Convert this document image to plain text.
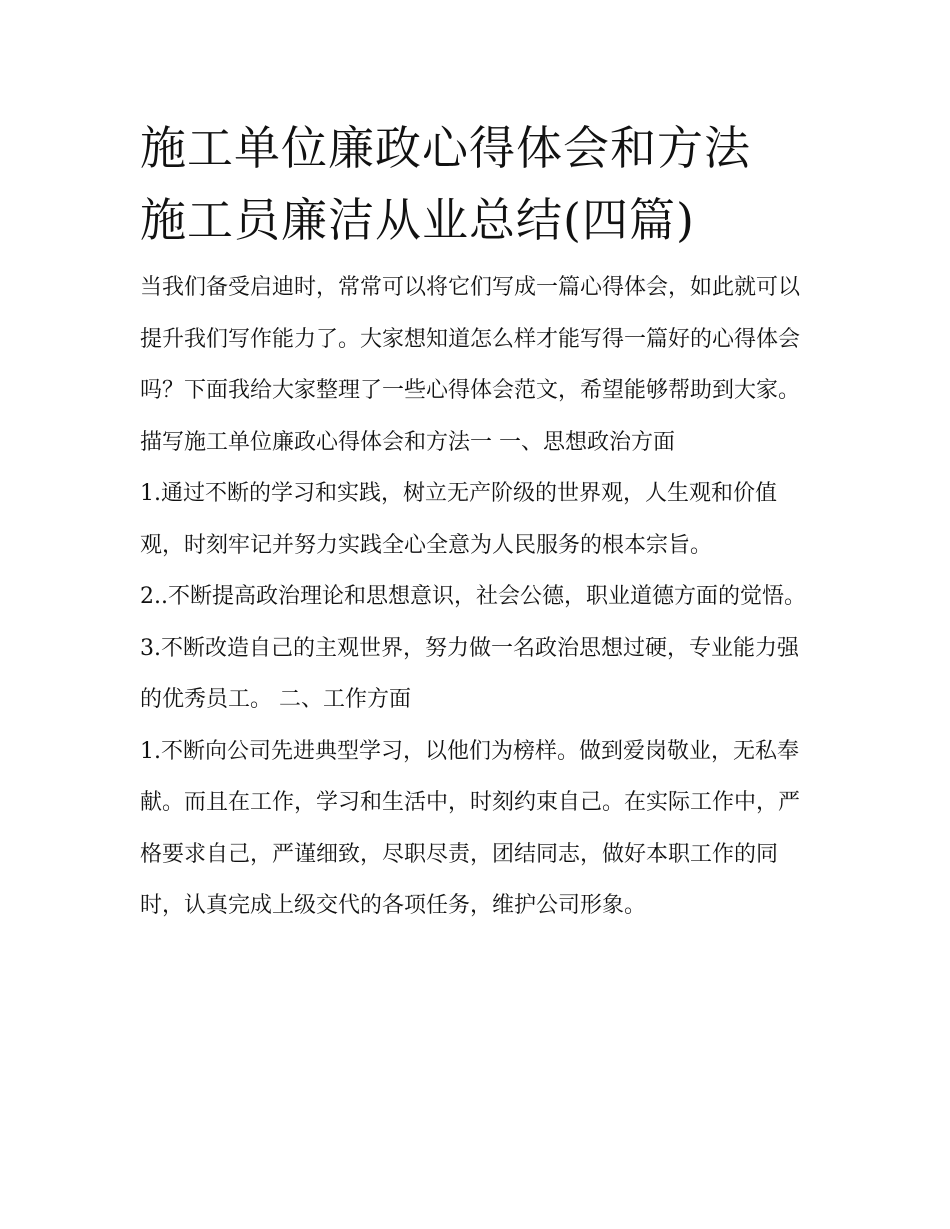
施工单位廉政心得体会和方法
施工员廉洁从业总结(四篇)

当我们备受启迪时，常常可以将它们写成一篇心得体会，如此就可以提升我们写作能力了。大家想知道怎么样才能写得一篇好的心得体会吗？下面我给大家整理了一些心得体会范文，希望能够帮助到大家。

描写施工单位廉政心得体会和方法一 一、思想政治方面

1.通过不断的学习和实践，树立无产阶级的世界观，人生观和价值观，时刻牢记并努力实践全心全意为人民服务的根本宗旨。

2..不断提高政治理论和思想意识，社会公德，职业道德方面的觉悟。 3.不断改造自己的主观世界，努力做一名政治思想过硬，专业能力强的优秀员工。 二、工作方面

1.不断向公司先进典型学习，以他们为榜样。做到爱岗敬业，无私奉献。而且在工作，学习和生活中，时刻约束自己。在实际工作中，严格要求自己，严谨细致，尽职尽责，团结同志，做好本职工作的同时，认真完成上级交代的各项任务，维护公司形象。
